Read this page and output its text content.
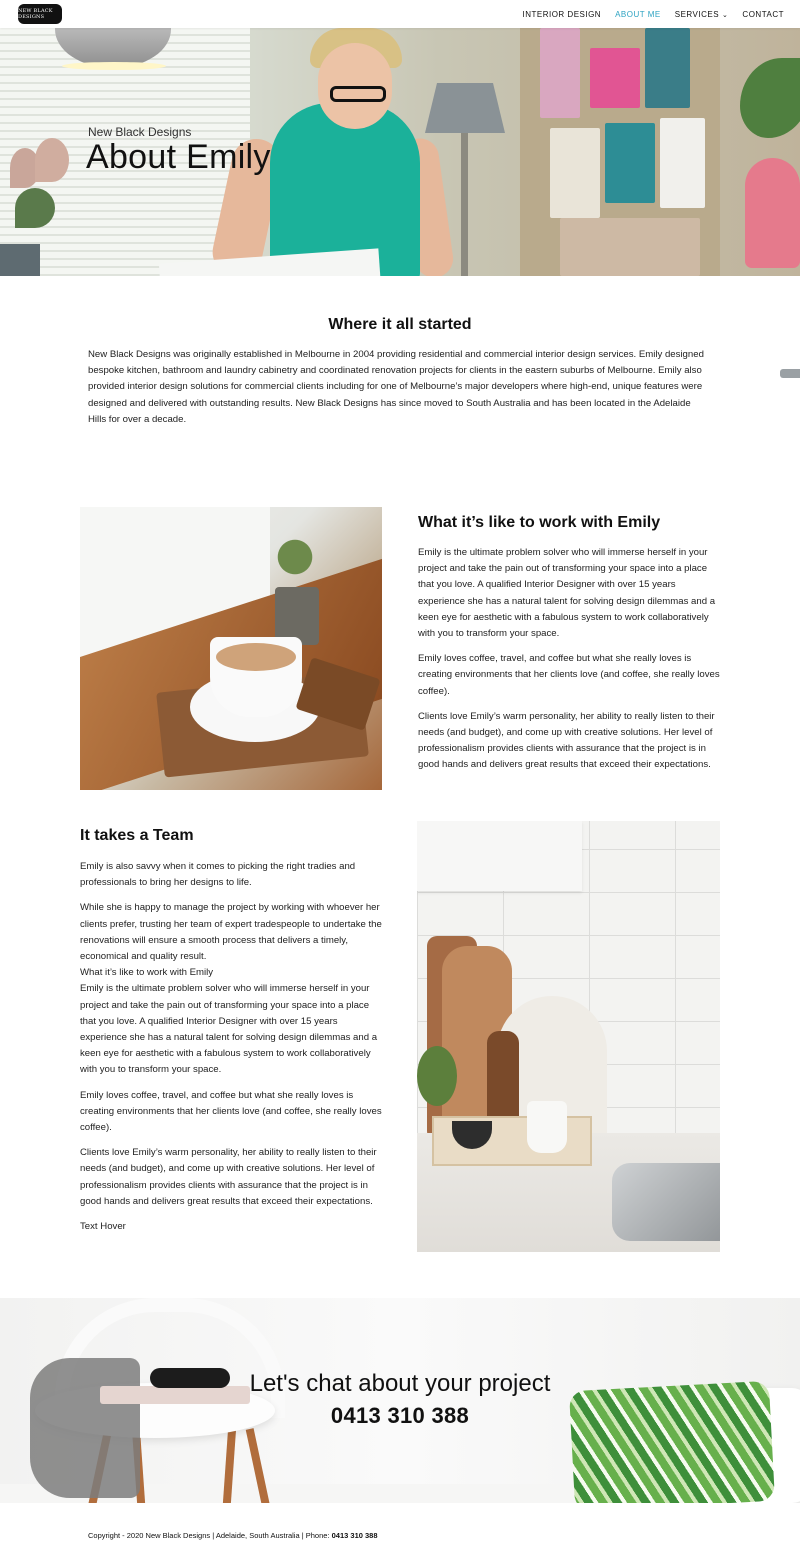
NEW BLACK DESIGNS	INTERIOR DESIGN ABOUT ME SERVICES ⌄ CONTACT
New Black Designs
About Emily
Where it all started

New Black Designs was originally established in Melbourne in 2004 providing residential and commercial interior design services. Emily designed bespoke kitchen, bathroom and laundry cabinetry and coordinated renovation projects for clients in the eastern suburbs of Melbourne. Emily also provided interior design solutions for commercial clients including for one of Melbourne’s major developers where high-end, unique features were designed and delivered with outstanding results. New Black Designs has since moved to South Australia and has been located in the Adelaide Hills for over a decade.

What it’s like to work with Emily

Emily is the ultimate problem solver who will immerse herself in your project and take the pain out of transforming your space into a place that you love. A qualified Interior Designer with over 15 years experience she has a natural talent for solving design dilemmas and a keen eye for aesthetic with a fabulous system to work collaboratively with you to transform your space.

Emily loves coffee, travel, and coffee but what she really loves is creating environments that her clients love (and coffee, she really loves coffee).

Clients love Emily’s warm personality, her ability to really listen to their needs (and budget), and come up with creative solutions. Her level of professionalism provides clients with assurance that the project is in good hands and delivers great results that exceed their expectations.

It takes a Team

Emily is also savvy when it comes to picking the right tradies and professionals to bring her designs to life.

While she is happy to manage the project by working with whoever her clients prefer, trusting her team of expert tradespeople to undertake the renovations will ensure a smooth process that delivers a timely, economical and quality result.

What it’s like to work with Emily

Emily is the ultimate problem solver who will immerse herself in your project and take the pain out of transforming your space into a place that you love. A qualified Interior Designer with over 15 years experience she has a natural talent for solving design dilemmas and a keen eye for aesthetic with a fabulous system to work collaboratively with you to transform your space.

Emily loves coffee, travel, and coffee but what she really loves is creating environments that her clients love (and coffee, she really loves coffee).

Clients love Emily’s warm personality, her ability to really listen to their needs (and budget), and come up with creative solutions. Her level of professionalism provides clients with assurance that the project is in good hands and delivers great results that exceed their expectations.

Text Hover

Let's chat about your project
0413 310 388
Copyright - 2020 New Black Designs | Adelaide, South Australia | Phone: 0413 310 388
